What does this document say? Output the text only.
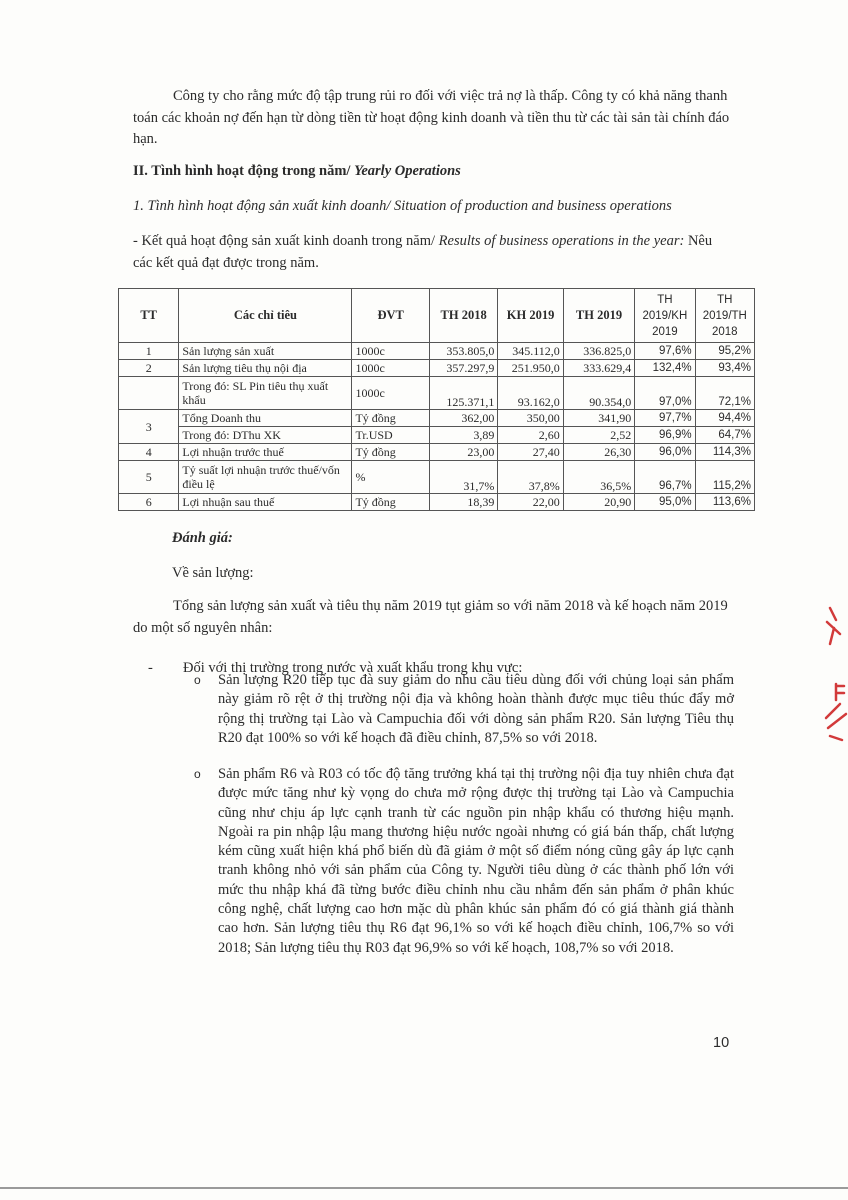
Công ty cho rằng mức độ tập trung rủi ro đối với việc trả nợ là thấp. Công ty có khả năng thanh toán các khoản nợ đến hạn từ dòng tiền từ hoạt động kinh doanh và tiền thu từ các tài sản tài chính đáo hạn.
II. Tình hình hoạt động trong năm/ Yearly Operations
1. Tình hình hoạt động sản xuất kinh doanh/ Situation of production and business operations
- Kết quả hoạt động sản xuất kinh doanh trong năm/ Results of business operations in the year: Nêu các kết quả đạt được trong năm.
TT	Các chỉ tiêu	ĐVT	TH 2018	KH 2019	TH 2019	TH 2019/KH 2019	TH 2019/TH 2018
1	Sản lượng sản xuất	1000c	353.805,0	345.112,0	336.825,0	97,6%	95,2%
2	Sản lượng tiêu thụ nội địa	1000c	357.297,9	251.950,0	333.629,4	132,4%	93,4%
	Trong đó: SL Pin tiêu thụ xuất khẩu	1000c	125.371,1	93.162,0	90.354,0	97,0%	72,1%
3	Tổng Doanh thu	Tỷ đồng	362,00	350,00	341,90	97,7%	94,4%
	Trong đó: DThu XK	Tr.USD	3,89	2,60	2,52	96,9%	64,7%
4	Lợi nhuận trước thuế	Tỷ đồng	23,00	27,40	26,30	96,0%	114,3%
5	Tỷ suất lợi nhuận trước thuế/vốn điều lệ	%	31,7%	37,8%	36,5%	96,7%	115,2%
6	Lợi nhuận sau thuế	Tỷ đồng	18,39	22,00	20,90	95,0%	113,6%
Đánh giá:
Về sản lượng:
Tổng sản lượng sản xuất và tiêu thụ năm 2019 tụt giảm so với năm 2018 và kế hoạch năm 2019 do một số nguyên nhân:
- Đối với thị trường trong nước và xuất khẩu trong khu vực:
o Sản lượng R20 tiếp tục đà suy giảm do nhu cầu tiêu dùng đối với chủng loại sản phẩm này giảm rõ rệt ở thị trường nội địa và không hoàn thành được mục tiêu thúc đẩy mở rộng thị trường tại Lào và Campuchia đối với dòng sản phẩm R20. Sản lượng Tiêu thụ R20 đạt 100% so với kế hoạch đã điều chỉnh, 87,5% so với 2018.
o Sản phẩm R6 và R03 có tốc độ tăng trưởng khá tại thị trường nội địa tuy nhiên chưa đạt được mức tăng như kỳ vọng do chưa mở rộng được thị trường tại Lào và Campuchia cũng như chịu áp lực cạnh tranh từ các nguồn pin nhập khẩu có thương hiệu mạnh. Ngoài ra pin nhập lậu mang thương hiệu nước ngoài nhưng có giá bán thấp, chất lượng kém cũng xuất hiện khá phổ biến dù đã giảm ở một số điểm nóng cũng gây áp lực cạnh tranh không nhỏ với sản phẩm của Công ty. Người tiêu dùng ở các thành phố lớn với mức thu nhập khá đã từng bước điều chỉnh nhu cầu nhắm đến sản phẩm ở phân khúc công nghệ, chất lượng cao hơn mặc dù phân khúc sản phẩm đó có giá thành giá thành cao hơn. Sản lượng tiêu thụ R6 đạt 96,1% so với kế hoạch điều chỉnh, 106,7% so với 2018; Sản lượng tiêu thụ R03 đạt 96,9% so với kế hoạch, 108,7% so với 2018.
10
